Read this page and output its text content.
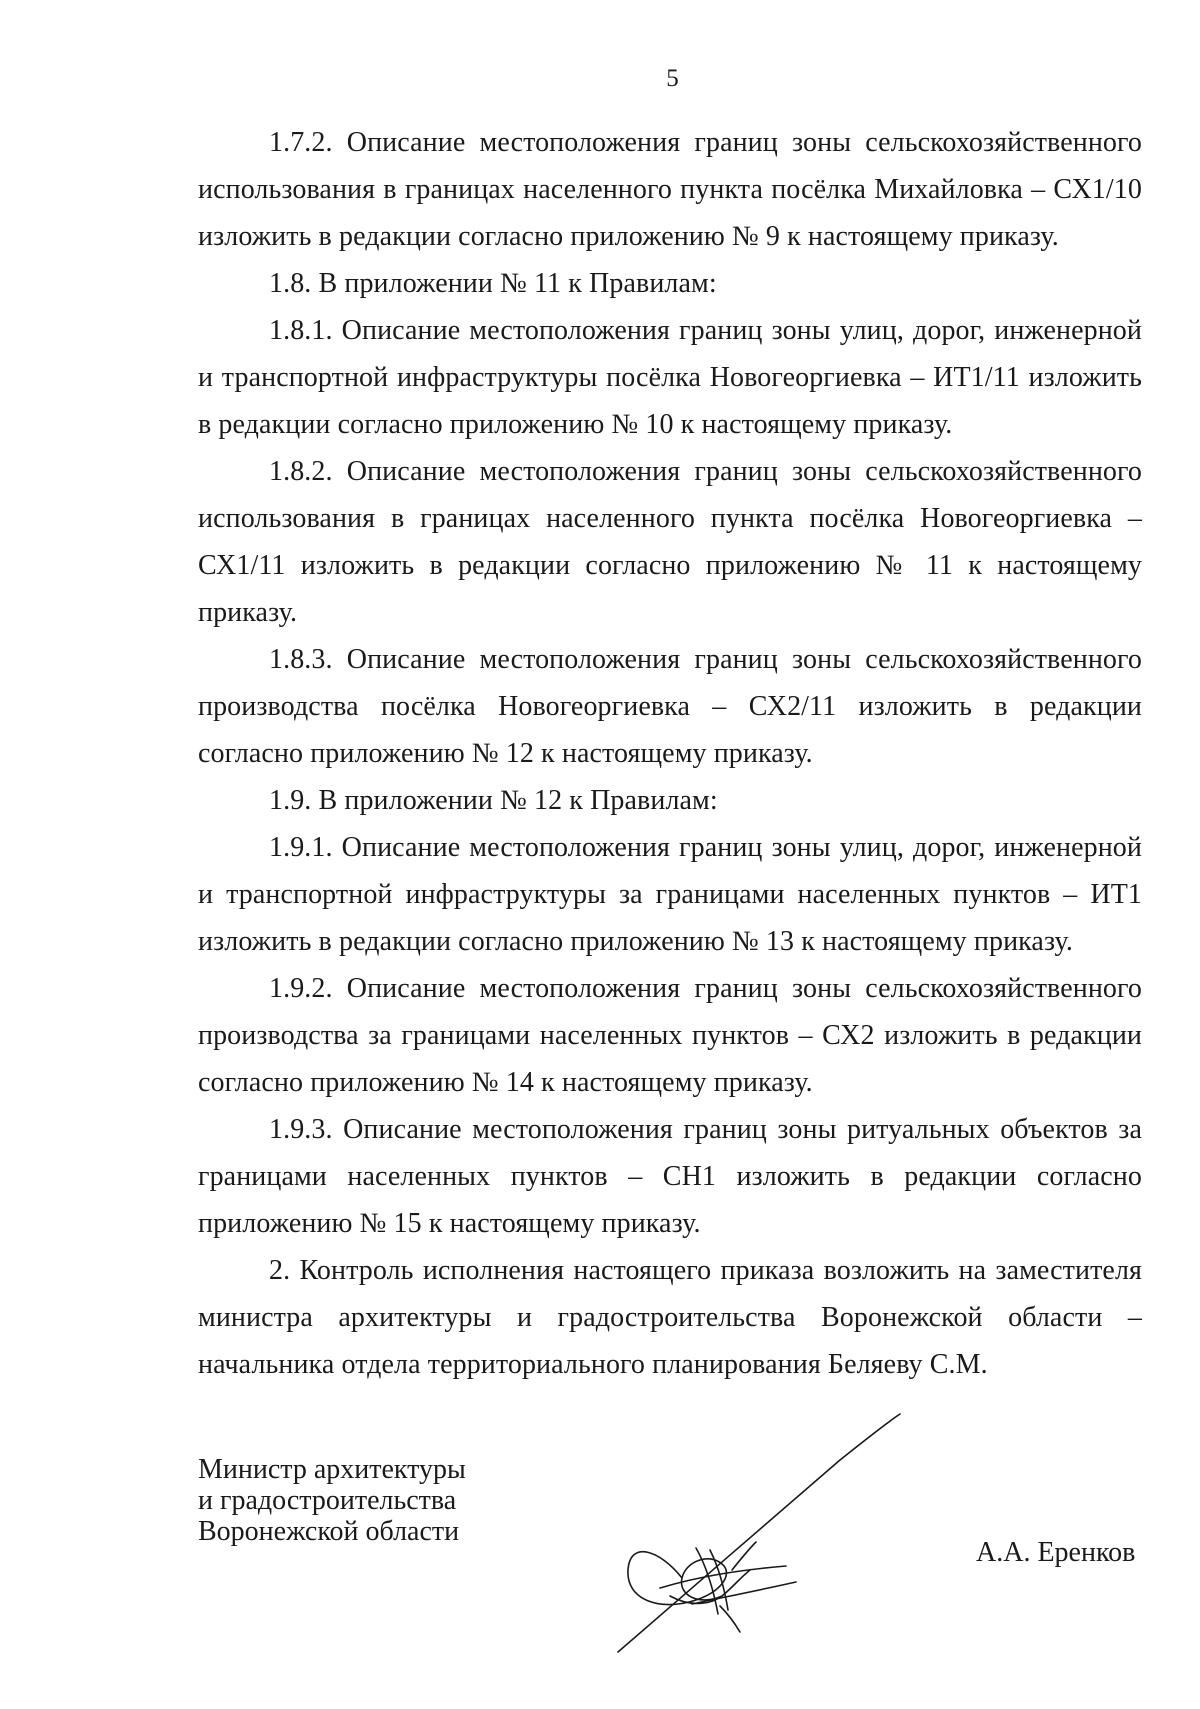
5

1.7.2. Описание местоположения границ зоны сельскохозяйственного использования в границах населенного пункта посёлка Михайловка – СХ1/10 изложить в редакции согласно приложению № 9 к настоящему приказу.

1.8. В приложении № 11 к Правилам:

1.8.1. Описание местоположения границ зоны улиц, дорог, инженерной и транспортной инфраструктуры посёлка Новогеоргиевка – ИТ1/11 изложить в редакции согласно приложению № 10 к настоящему приказу.

1.8.2. Описание местоположения границ зоны сельскохозяйственного использования в границах населенного пункта посёлка Новогеоргиевка – СХ1/11 изложить в редакции согласно приложению № 11 к настоящему приказу.

1.8.3. Описание местоположения границ зоны сельскохозяйственного производства посёлка Новогеоргиевка – СХ2/11 изложить в редакции согласно приложению № 12 к настоящему приказу.

1.9. В приложении № 12 к Правилам:

1.9.1. Описание местоположения границ зоны улиц, дорог, инженерной и транспортной инфраструктуры за границами населенных пунктов – ИТ1 изложить в редакции согласно приложению № 13 к настоящему приказу.

1.9.2. Описание местоположения границ зоны сельскохозяйственного производства за границами населенных пунктов – СХ2 изложить в редакции согласно приложению № 14 к настоящему приказу.

1.9.3. Описание местоположения границ зоны ритуальных объектов за границами населенных пунктов – СН1 изложить в редакции согласно приложению № 15 к настоящему приказу.

2. Контроль исполнения настоящего приказа возложить на заместителя министра архитектуры и градостроительства Воронежской области – начальника отдела территориального планирования Беляеву С.М.

Министр архитектуры
и градостроительства
Воронежской области
А.А. Еренков
